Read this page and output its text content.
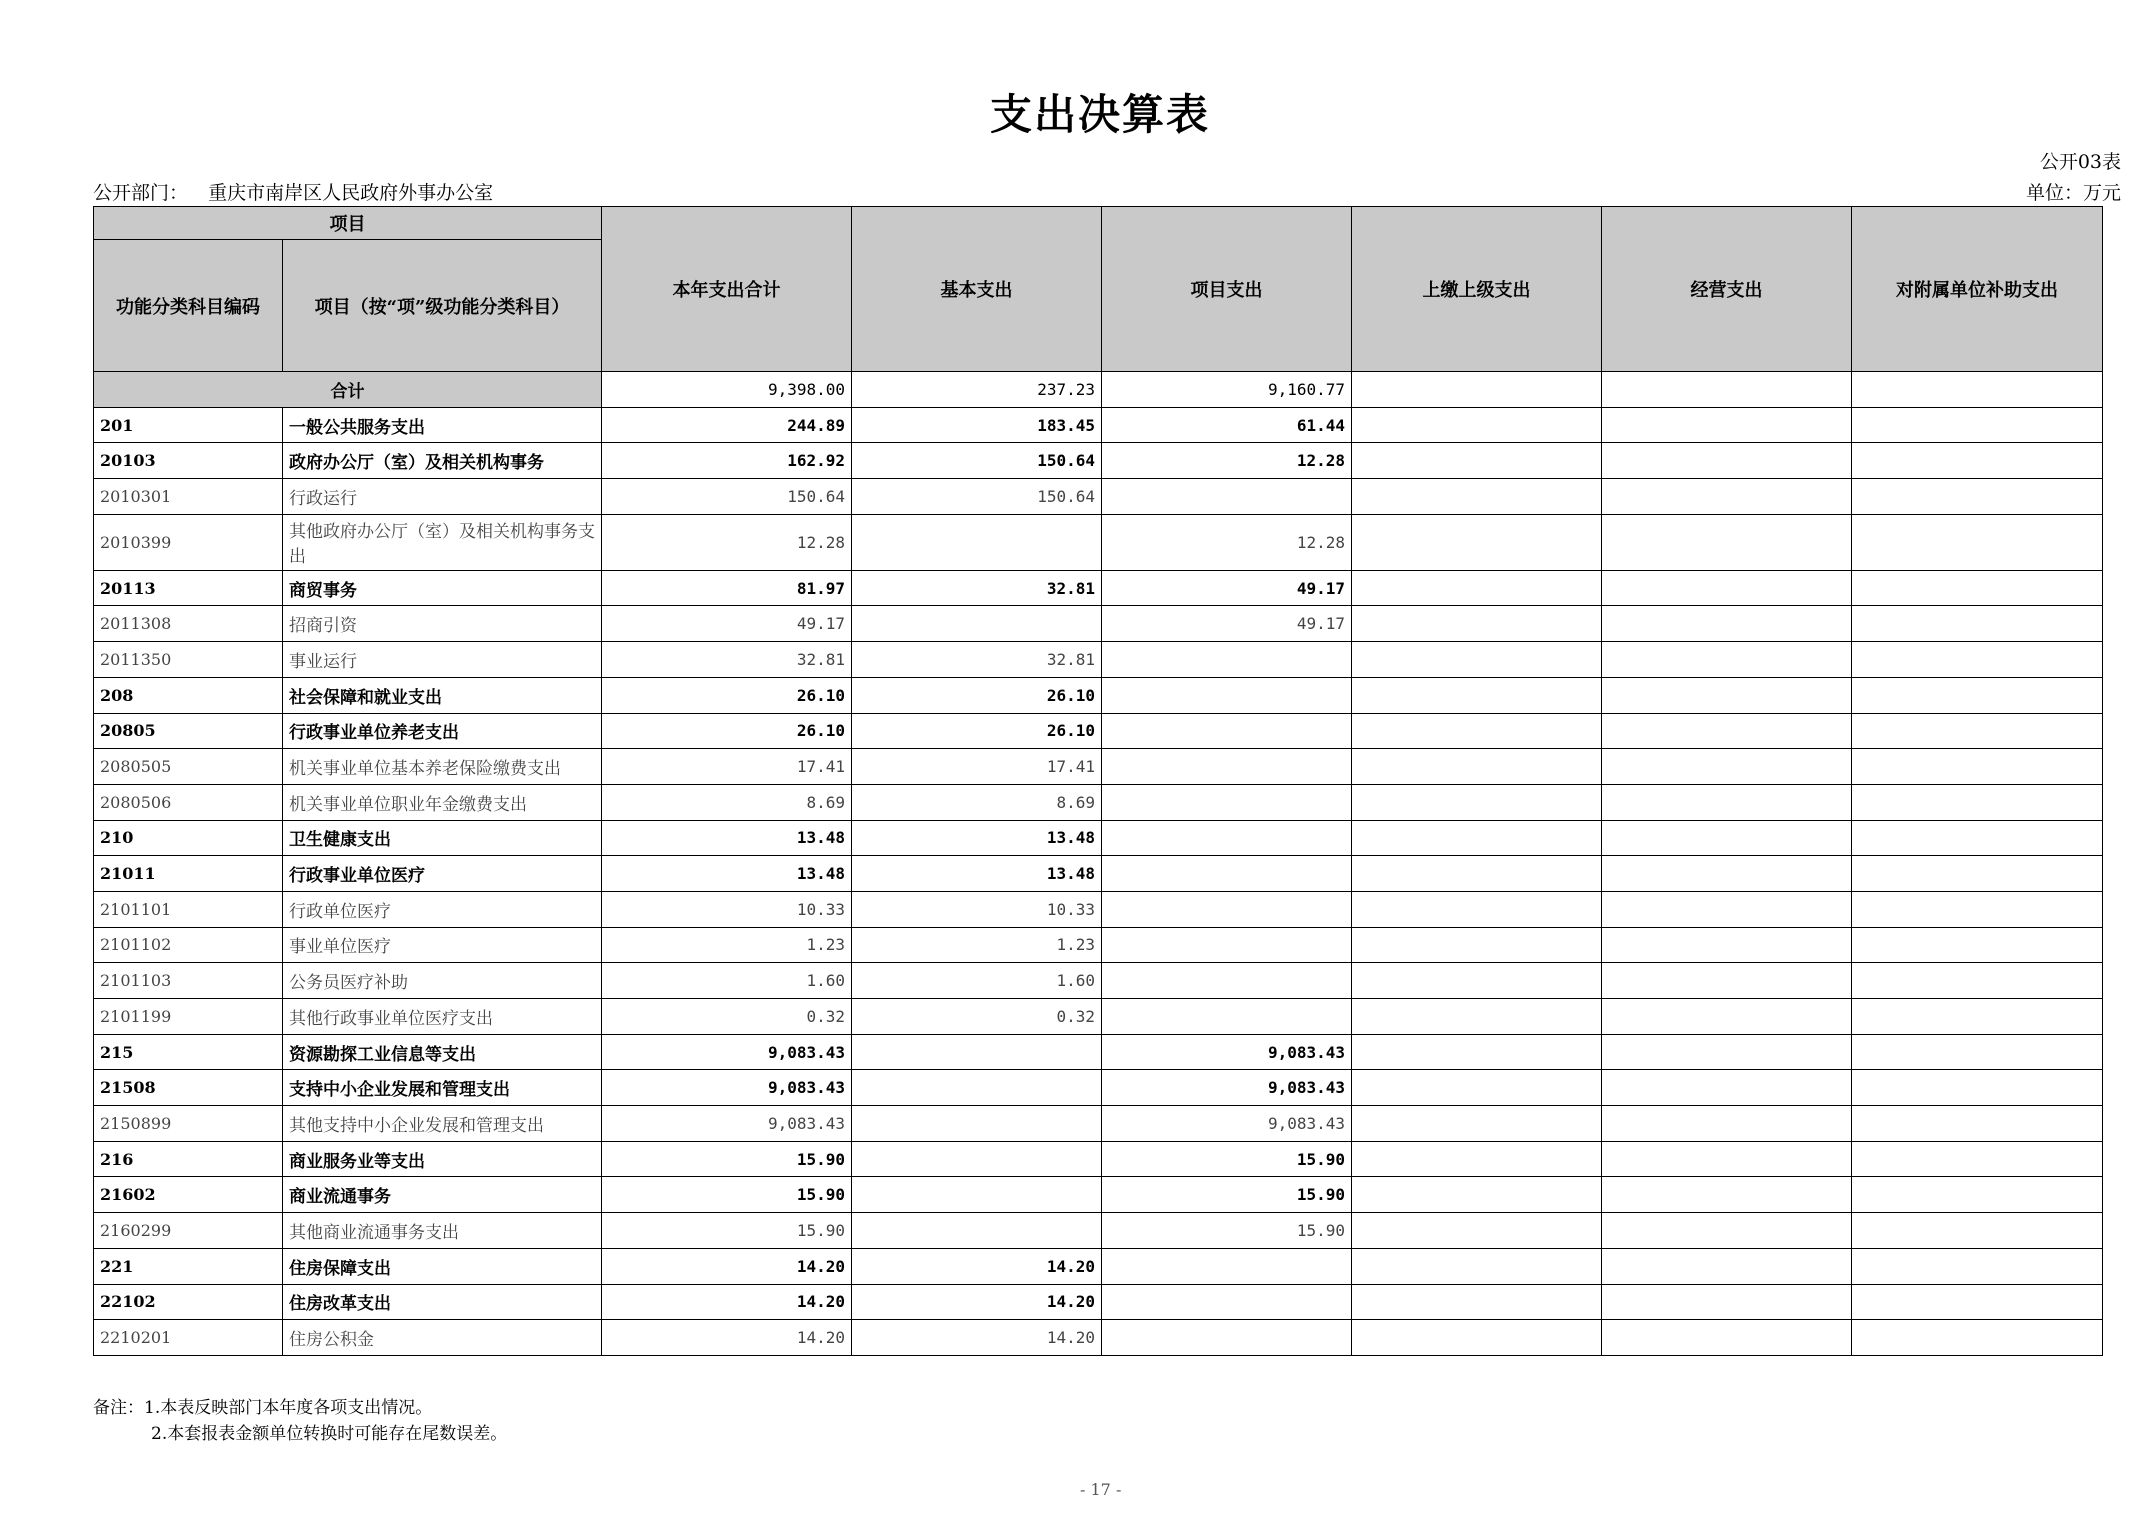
支出决算表
公开03表
公开部门： 重庆市南岸区人民政府外事办公室	单位：万元
项目		本年支出合计	基本支出	项目支出	上缴上级支出	经营支出	对附属单位补助支出
功能分类科目编码	项目（按“项”级功能分类科目）						
合计		9,398.00	237.23	9,160.77			
201	一般公共服务支出	244.89	183.45	61.44			
20103	政府办公厅（室）及相关机构事务	162.92	150.64	12.28			
2010301	行政运行	150.64	150.64				
2010399	其他政府办公厅（室）及相关机构事务支出	12.28		12.28			
20113	商贸事务	81.97	32.81	49.17			
2011308	招商引资	49.17		49.17			
2011350	事业运行	32.81	32.81				
208	社会保障和就业支出	26.10	26.10				
20805	行政事业单位养老支出	26.10	26.10				
2080505	机关事业单位基本养老保险缴费支出	17.41	17.41				
2080506	机关事业单位职业年金缴费支出	8.69	8.69				
210	卫生健康支出	13.48	13.48				
21011	行政事业单位医疗	13.48	13.48				
2101101	行政单位医疗	10.33	10.33				
2101102	事业单位医疗	1.23	1.23				
2101103	公务员医疗补助	1.60	1.60				
2101199	其他行政事业单位医疗支出	0.32	0.32				
215	资源勘探工业信息等支出	9,083.43		9,083.43			
21508	支持中小企业发展和管理支出	9,083.43		9,083.43			
2150899	其他支持中小企业发展和管理支出	9,083.43		9,083.43			
216	商业服务业等支出	15.90		15.90			
21602	商业流通事务	15.90		15.90			
2160299	其他商业流通事务支出	15.90		15.90			
221	住房保障支出	14.20	14.20				
22102	住房改革支出	14.20	14.20				
2210201	住房公积金	14.20	14.20				
备注：1.本表反映部门本年度各项支出情况。
2.本套报表金额单位转换时可能存在尾数误差。
- 17 -
